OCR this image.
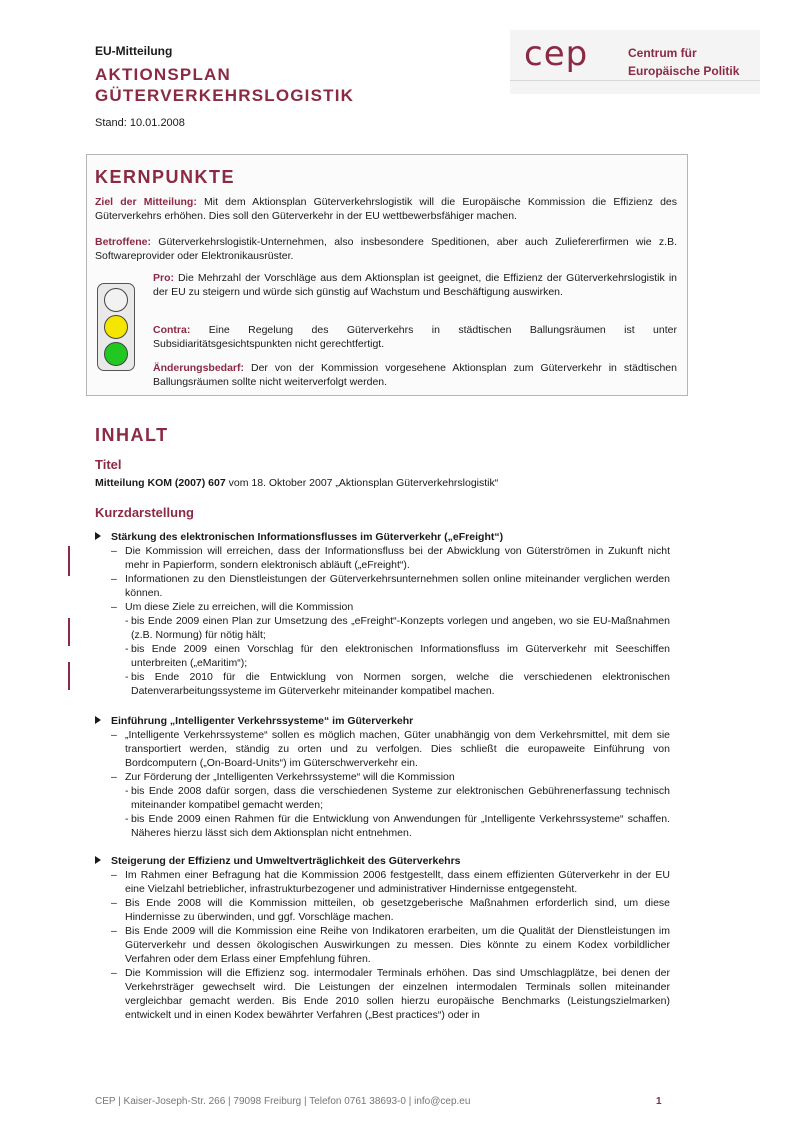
EU-Mitteilung
AKTIONSPLAN
GÜTERVERKEHRSLOGISTIK
Stand: 10.01.2008
cep	Centrum für
Europäische Politik
KERNPUNKTE
Ziel der Mitteilung: Mit dem Aktionsplan Güterverkehrslogistik will die Europäische Kommission die Effizienz des Güterverkehrs erhöhen. Dies soll den Güterverkehr in der EU wettbewerbsfähiger machen.
Betroffene: Güterverkehrslogistik-Unternehmen, also insbesondere Speditionen, aber auch Zuliefererfirmen wie z.B. Softwareprovider oder Elektronikausrüster.
Pro: Die Mehrzahl der Vorschläge aus dem Aktionsplan ist geeignet, die Effizienz der Güterverkehrslogistik in der EU zu steigern und würde sich günstig auf Wachstum und Beschäftigung auswirken.
Contra: Eine Regelung des Güterverkehrs in städtischen Ballungsräumen ist unter Subsidiaritätsgesichtspunkten nicht gerechtfertigt.
Änderungsbedarf: Der von der Kommission vorgesehene Aktionsplan zum Güterverkehr in städtischen Ballungsräumen sollte nicht weiterverfolgt werden.
INHALT
Titel
Mitteilung KOM (2007) 607 vom 18. Oktober 2007 „Aktionsplan Güterverkehrslogistik“
Kurzdarstellung
Stärkung des elektronischen Informationsflusses im Güterverkehr („eFreight“)
– Die Kommission will erreichen, dass der Informationsfluss bei der Abwicklung von Güterströmen in Zukunft nicht mehr in Papierform, sondern elektronisch abläuft („eFreight“).
– Informationen zu den Dienstleistungen der Güterverkehrsunternehmen sollen online miteinander verglichen werden können.
– Um diese Ziele zu erreichen, will die Kommission
- bis Ende 2009 einen Plan zur Umsetzung des „eFreight“-Konzepts vorlegen und angeben, wo sie EU-Maßnahmen (z.B. Normung) für nötig hält;
- bis Ende 2009 einen Vorschlag für den elektronischen Informationsfluss im Güterverkehr mit Seeschiffen unterbreiten („eMaritim“);
- bis Ende 2010 für die Entwicklung von Normen sorgen, welche die verschiedenen elektronischen Datenverarbeitungssysteme im Güterverkehr miteinander kompatibel machen.
Einführung „Intelligenter Verkehrssysteme“ im Güterverkehr
– „Intelligente Verkehrssysteme“ sollen es möglich machen, Güter unabhängig von dem Verkehrsmittel, mit dem sie transportiert werden, ständig zu orten und zu verfolgen. Dies schließt die europaweite Einführung von Bordcomputern („On-Board-Units“) im Güterschwerverkehr ein.
– Zur Förderung der „Intelligenten Verkehrssysteme“ will die Kommission
- bis Ende 2008 dafür sorgen, dass die verschiedenen Systeme zur elektronischen Gebührenerfassung technisch miteinander kompatibel gemacht werden;
- bis Ende 2009 einen Rahmen für die Entwicklung von Anwendungen für „Intelligente Verkehrssysteme“ schaffen. Näheres hierzu lässt sich dem Aktionsplan nicht entnehmen.
Steigerung der Effizienz und Umweltverträglichkeit des Güterverkehrs
– Im Rahmen einer Befragung hat die Kommission 2006 festgestellt, dass einem effizienten Güterverkehr in der EU eine Vielzahl betrieblicher, infrastrukturbezogener und administrativer Hindernisse entgegensteht.
– Bis Ende 2008 will die Kommission mitteilen, ob gesetzgeberische Maßnahmen erforderlich sind, um diese Hindernisse zu überwinden, und ggf. Vorschläge machen.
– Bis Ende 2009 will die Kommission eine Reihe von Indikatoren erarbeiten, um die Qualität der Dienstleistungen im Güterverkehr und dessen ökologischen Auswirkungen zu messen. Dies könnte zu einem Kodex vorbildlicher Verfahren oder dem Erlass einer Empfehlung führen.
– Die Kommission will die Effizienz sog. intermodaler Terminals erhöhen. Das sind Umschlagplätze, bei denen der Verkehrsträger gewechselt wird. Die Leistungen der einzelnen intermodalen Terminals sollen miteinander vergleichbar gemacht werden. Bis Ende 2010 sollen hierzu europäische Benchmarks (Leistungszielmarken) entwickelt und in einen Kodex bewährter Verfahren („Best practices“) oder in
CEP | Kaiser-Joseph-Str. 266 | 79098 Freiburg | Telefon 0761 38693-0 | info@cep.eu	1
